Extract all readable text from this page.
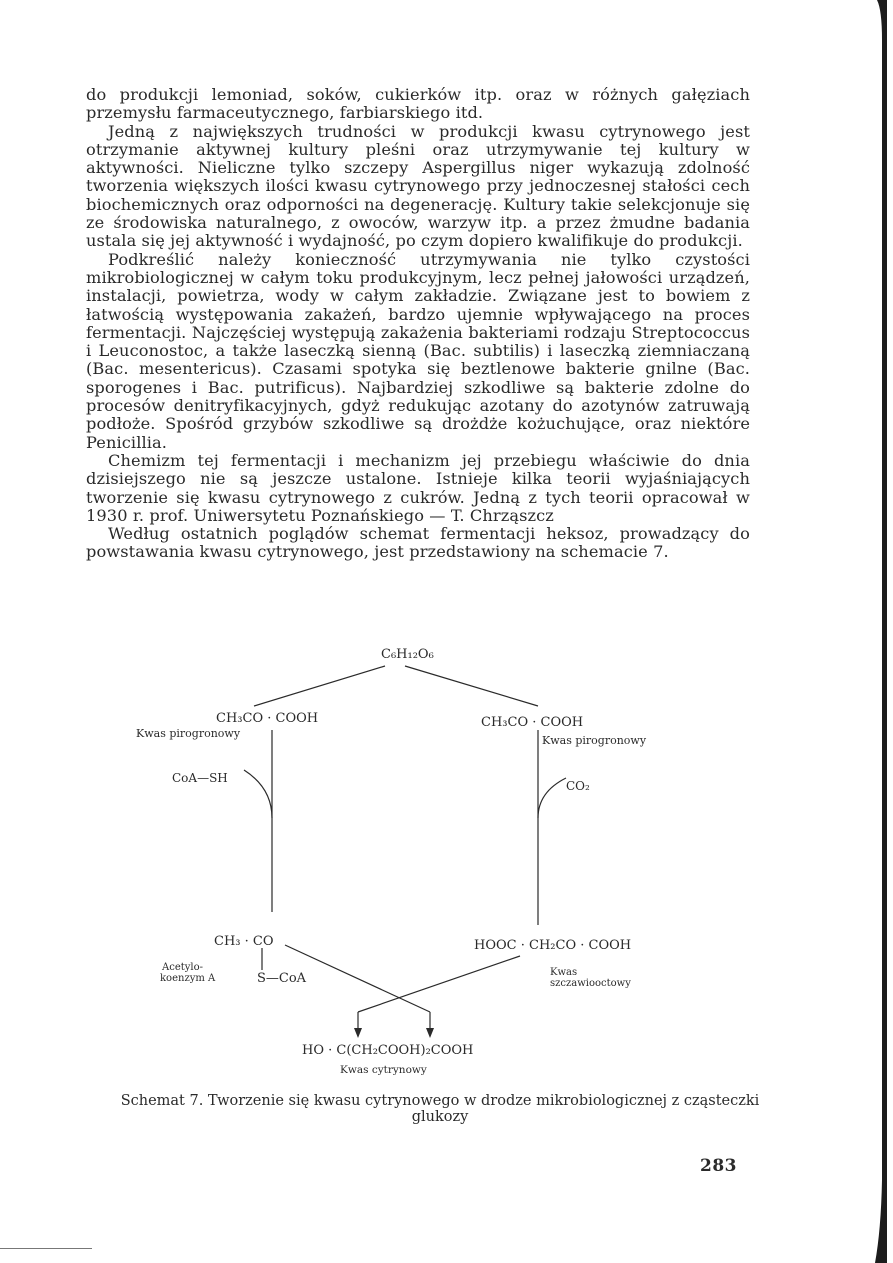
do produkcji lemoniad, soków, cukierków itp. oraz w różnych gałęziach przemysłu farmaceutycznego, farbiarskiego itd.

Jedną z największych trudności w produkcji kwasu cytrynowego jest otrzymanie aktywnej kultury pleśni oraz utrzymywanie tej kultury w aktywności. Nieliczne tylko szczepy Aspergillus niger wykazują zdolność tworzenia większych ilości kwasu cytrynowego przy jednoczesnej stałości cech biochemicznych oraz odporności na degenerację. Kultury takie selekcjonuje się ze środowiska naturalnego, z owoców, warzyw itp. a przez żmudne badania ustala się jej aktywność i wydajność, po czym dopiero kwalifikuje do produkcji.

Podkreślić należy konieczność utrzymywania nie tylko czystości mikrobiologicznej w całym toku produkcyjnym, lecz pełnej jałowości urządzeń, instalacji, powietrza, wody w całym zakładzie. Związane jest to bowiem z łatwością występowania zakażeń, bardzo ujemnie wpływającego na proces fermentacji. Najczęściej występują zakażenia bakteriami rodzaju Streptococcus i Leuconostoc, a także laseczką sienną (Bac. subtilis) i laseczką ziemniaczaną (Bac. mesentericus). Czasami spotyka się beztlenowe bakterie gnilne (Bac. sporogenes i Bac. putrificus). Najbardziej szkodliwe są bakterie zdolne do procesów denitryfikacyjnych, gdyż redukując azotany do azotynów zatruwają podłoże. Spośród grzybów szkodliwe są drożdże kożuchujące, oraz niektóre Penicillia.

Chemizm tej fermentacji i mechanizm jej przebiegu właściwie do dnia dzisiejszego nie są jeszcze ustalone. Istnieje kilka teorii wyjaśniających tworzenie się kwasu cytrynowego z cukrów. Jedną z tych teorii opracował w 1930 r. prof. Uniwersytetu Poznańskiego — T. Chrząszcz

Według ostatnich poglądów schemat fermentacji heksoz, prowadzący do powstawania kwasu cytrynowego, jest przedstawiony na schemacie 7.

C₆H₁₂O₆
CH₃CO · COOH
Kwas pirogronowy
CH₃CO · COOH
Kwas pirogronowy
CoA—SH
CO₂
CH₃ · CO
S—CoA
Acetylo-
koenzym A
HOOC · CH₂CO · COOH
Kwas
szczawiooctowy
HO · C(CH₂COOH)₂COOH
Kwas cytrynowy
Schemat 7. Tworzenie się kwasu cytrynowego w drodze mikrobiologicznej z cząsteczki glukozy
283
